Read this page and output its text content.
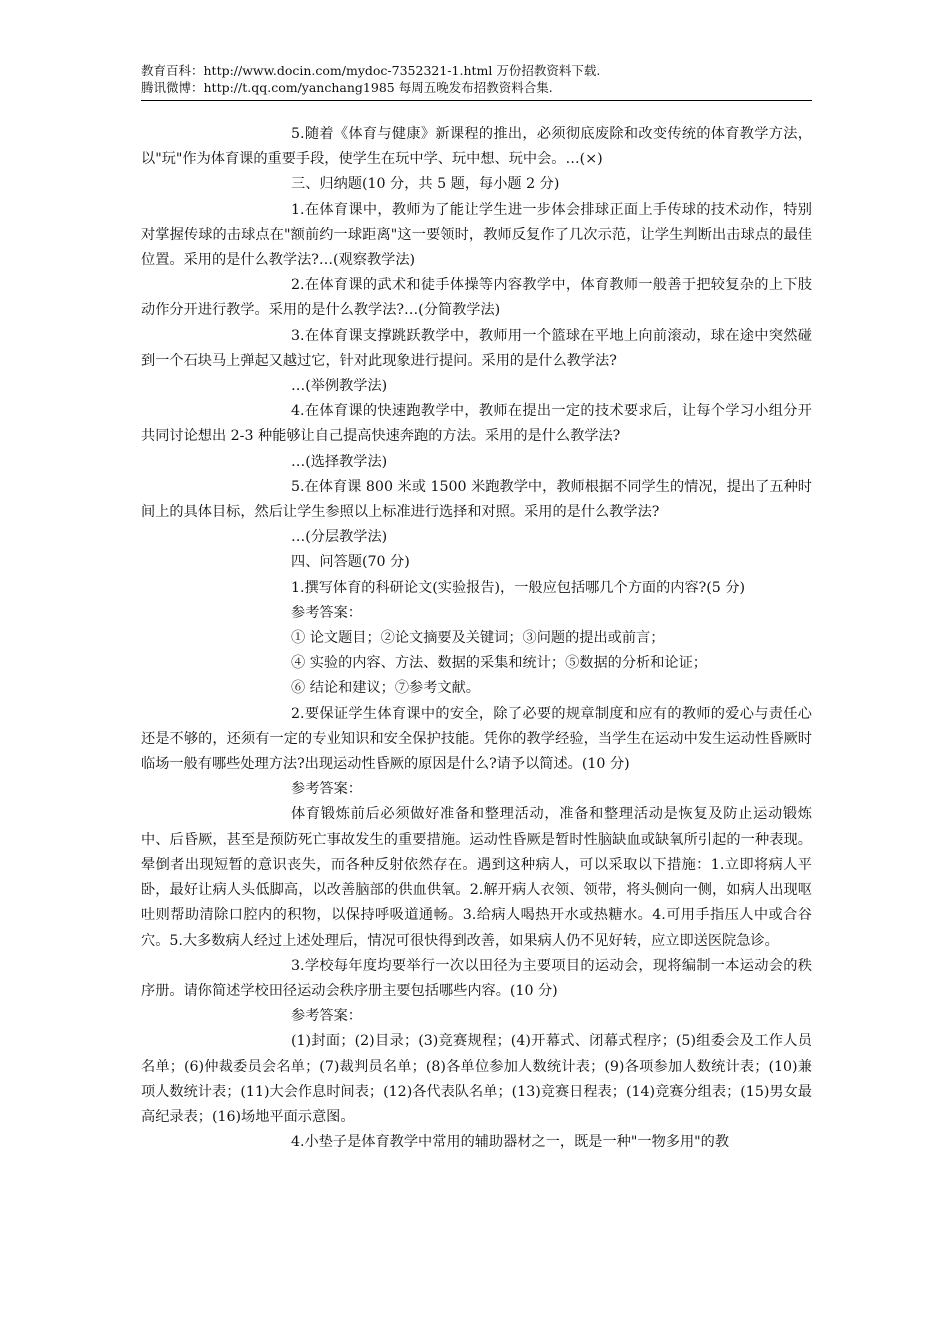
教育百科：http://www.docin.com/mydoc-7352321-1.html 万份招教资料下载.
腾讯微博：http://t.qq.com/yanchang1985 每周五晚发布招教资料合集.

5.随着《体育与健康》新课程的推出，必须彻底废除和改变传统的体育教学方法，以"玩"作为体育课的重要手段，使学生在玩中学、玩中想、玩中会。…(×)

三、归纳题(10 分，共 5 题，每小题 2 分)

1.在体育课中，教师为了能让学生进一步体会排球正面上手传球的技术动作，特别对掌握传球的击球点在"额前约一球距离"这一要领时，教师反复作了几次示范，让学生判断出击球点的最佳位置。采用的是什么教学法?…(观察教学法)

2.在体育课的武术和徒手体操等内容教学中，体育教师一般善于把较复杂的上下肢动作分开进行教学。采用的是什么教学法?…(分简教学法)

3.在体育课支撑跳跃教学中，教师用一个篮球在平地上向前滚动，球在途中突然碰到一个石块马上弹起又越过它，针对此现象进行提问。采用的是什么教学法?

…(举例教学法)

4.在体育课的快速跑教学中，教师在提出一定的技术要求后，让每个学习小组分开共同讨论想出 2-3 种能够让自己提高快速奔跑的方法。采用的是什么教学法?

…(选择教学法)

5.在体育课 800 米或 1500 米跑教学中，教师根据不同学生的情况，提出了五种时间上的具体目标，然后让学生参照以上标准进行选择和对照。采用的是什么教学法?

…(分层教学法)

四、问答题(70 分)

1.撰写体育的科研论文(实验报告)，一般应包括哪几个方面的内容?(5 分)

参考答案：

① 论文题目；②论文摘要及关键词；③问题的提出或前言；

④ 实验的内容、方法、数据的采集和统计；⑤数据的分析和论证；

⑥ 结论和建议；⑦参考文献。

2.要保证学生体育课中的安全，除了必要的规章制度和应有的教师的爱心与责任心还是不够的，还须有一定的专业知识和安全保护技能。凭你的教学经验，当学生在运动中发生运动性昏厥时临场一般有哪些处理方法?出现运动性昏厥的原因是什么?请予以简述。(10 分)

参考答案：

体育锻炼前后必须做好准备和整理活动，准备和整理活动是恢复及防止运动锻炼中、后昏厥，甚至是预防死亡事故发生的重要措施。运动性昏厥是暂时性脑缺血或缺氧所引起的一种表现。晕倒者出现短暂的意识丧失，而各种反射依然存在。遇到这种病人，可以采取以下措施：1.立即将病人平卧，最好让病人头低脚高，以改善脑部的供血供氧。2.解开病人衣领、领带，将头侧向一侧，如病人出现呕吐则帮助清除口腔内的积物，以保持呼吸道通畅。3.给病人喝热开水或热糖水。4.可用手指压人中或合谷穴。5.大多数病人经过上述处理后，情况可很快得到改善，如果病人仍不见好转，应立即送医院急诊。

3.学校每年度均要举行一次以田径为主要项目的运动会，现将编制一本运动会的秩序册。请你简述学校田径运动会秩序册主要包括哪些内容。(10 分)

参考答案：

(1)封面；(2)目录；(3)竞赛规程；(4)开幕式、闭幕式程序；(5)组委会及工作人员名单；(6)仲裁委员会名单；(7)裁判员名单；(8)各单位参加人数统计表；(9)各项参加人数统计表；(10)兼项人数统计表；(11)大会作息时间表；(12)各代表队名单；(13)竞赛日程表；(14)竞赛分组表；(15)男女最高纪录表；(16)场地平面示意图。

4.小垫子是体育教学中常用的辅助器材之一，既是一种"一物多用"的教
